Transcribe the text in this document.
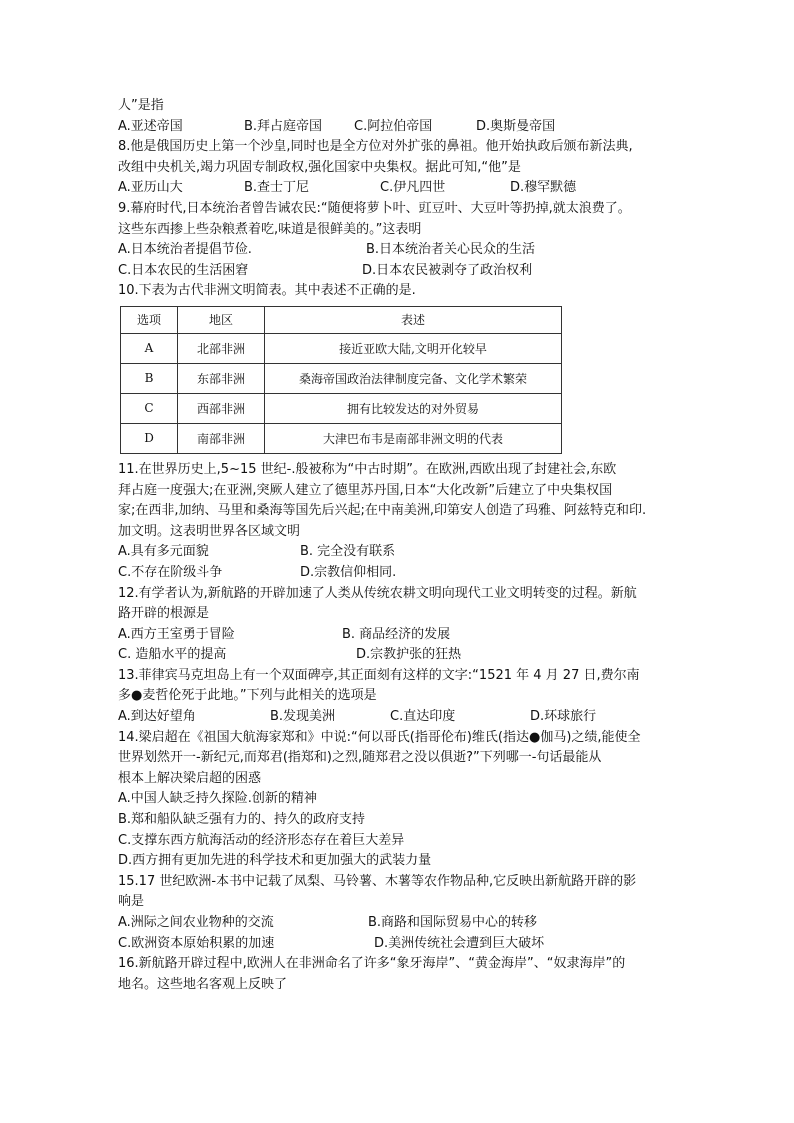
人”是指
A.亚述帝国	B.拜占庭帝国 C.阿拉伯帝国	D.奥斯曼帝国
8.他是俄国历史上第一个沙皇,同时也是全方位对外扩张的鼻祖。他开始执政后颁布新法典,
改组中央机关,竭力巩固专制政权,强化国家中央集权。据此可知,“他”是
A.亚历山大	B.查士丁尼	C.伊凡四世	D.穆罕默德
9.幕府时代,日本统治者曾告诫农民:“随便将萝卜叶、豇豆叶、大豆叶等扔掉,就太浪费了。
这些东西掺上些杂粮煮着吃,味道是很鲜美的。”这表明
A.日本统治者提倡节俭.	B.日本统治者关心民众的生活
C.日本农民的生活困窘	D.日本农民被剥夺了政治权利
10.下表为古代非洲文明简表。其中表述不正确的是.
选项	地区	表述
A	北部非洲	接近亚欧大陆,文明开化较早
B	东部非洲	桑海帝国政治法律制度完备、文化学术繁荣
C	西部非洲	拥有比较发达的对外贸易
D	南部非洲	大津巴布韦是南部非洲文明的代表
11.在世界历史上,5~15 世纪-.般被称为“中古时期”。在欧洲,西欧出现了封建社会,东欧
拜占庭一度强大;在亚洲,突厥人建立了德里苏丹国,日本“大化改新”后建立了中央集权国
家;在西非,加纳、马里和桑海等国先后兴起;在中南美洲,印第安人创造了玛雅、阿兹特克和印.
加文明。这表明世界各区域文明
A.具有多元面貌	B. 完全没有联系
C.不存在阶级斗争	D.宗教信仰相同.
12.有学者认为,新航路的开辟加速了人类从传统农耕文明向现代工业文明转变的过程。新航
路开辟的根源是
A.西方王室勇于冒险	B. 商品经济的发展
C. 造船水平的提高	D.宗教护张的狂热
13.菲律宾马克坦岛上有一个双面碑亭,其正面刻有这样的文字:“1521 年 4 月 27 日,费尔南
多●麦哲伦死于此地。”下列与此相关的选项是
A.到达好望角	B.发现美洲	C.直达印度	D.环球旅行
14.梁启超在《祖国大航海家郑和》中说:“何以哥氏(指哥伦布)维氏(指达●伽马)之绩,能使全
世界划然开一-新纪元,而郑君(指郑和)之烈,随郑君之没以俱逝?”下列哪一-句话最能从
根本上解决梁启超的困惑
A.中国人缺乏持久探险.创新的精神
B.郑和船队缺乏强有力的、持久的政府支持
C.支撑东西方航海活动的经济形态存在着巨大差异
D.西方拥有更加先进的科学技术和更加强大的武装力量
15.17 世纪欧洲-本书中记载了凤梨、马铃薯、木薯等农作物品种,它反映出新航路开辟的影
响是
A.洲际之间农业物种的交流	B.商路和国际贸易中心的转移
C.欧洲资本原始积累的加速	D.美洲传统社会遭到巨大破坏
16.新航路开辟过程中,欧洲人在非洲命名了许多“象牙海岸”、“黄金海岸”、“奴隶海岸”的
地名。这些地名客观上反映了
